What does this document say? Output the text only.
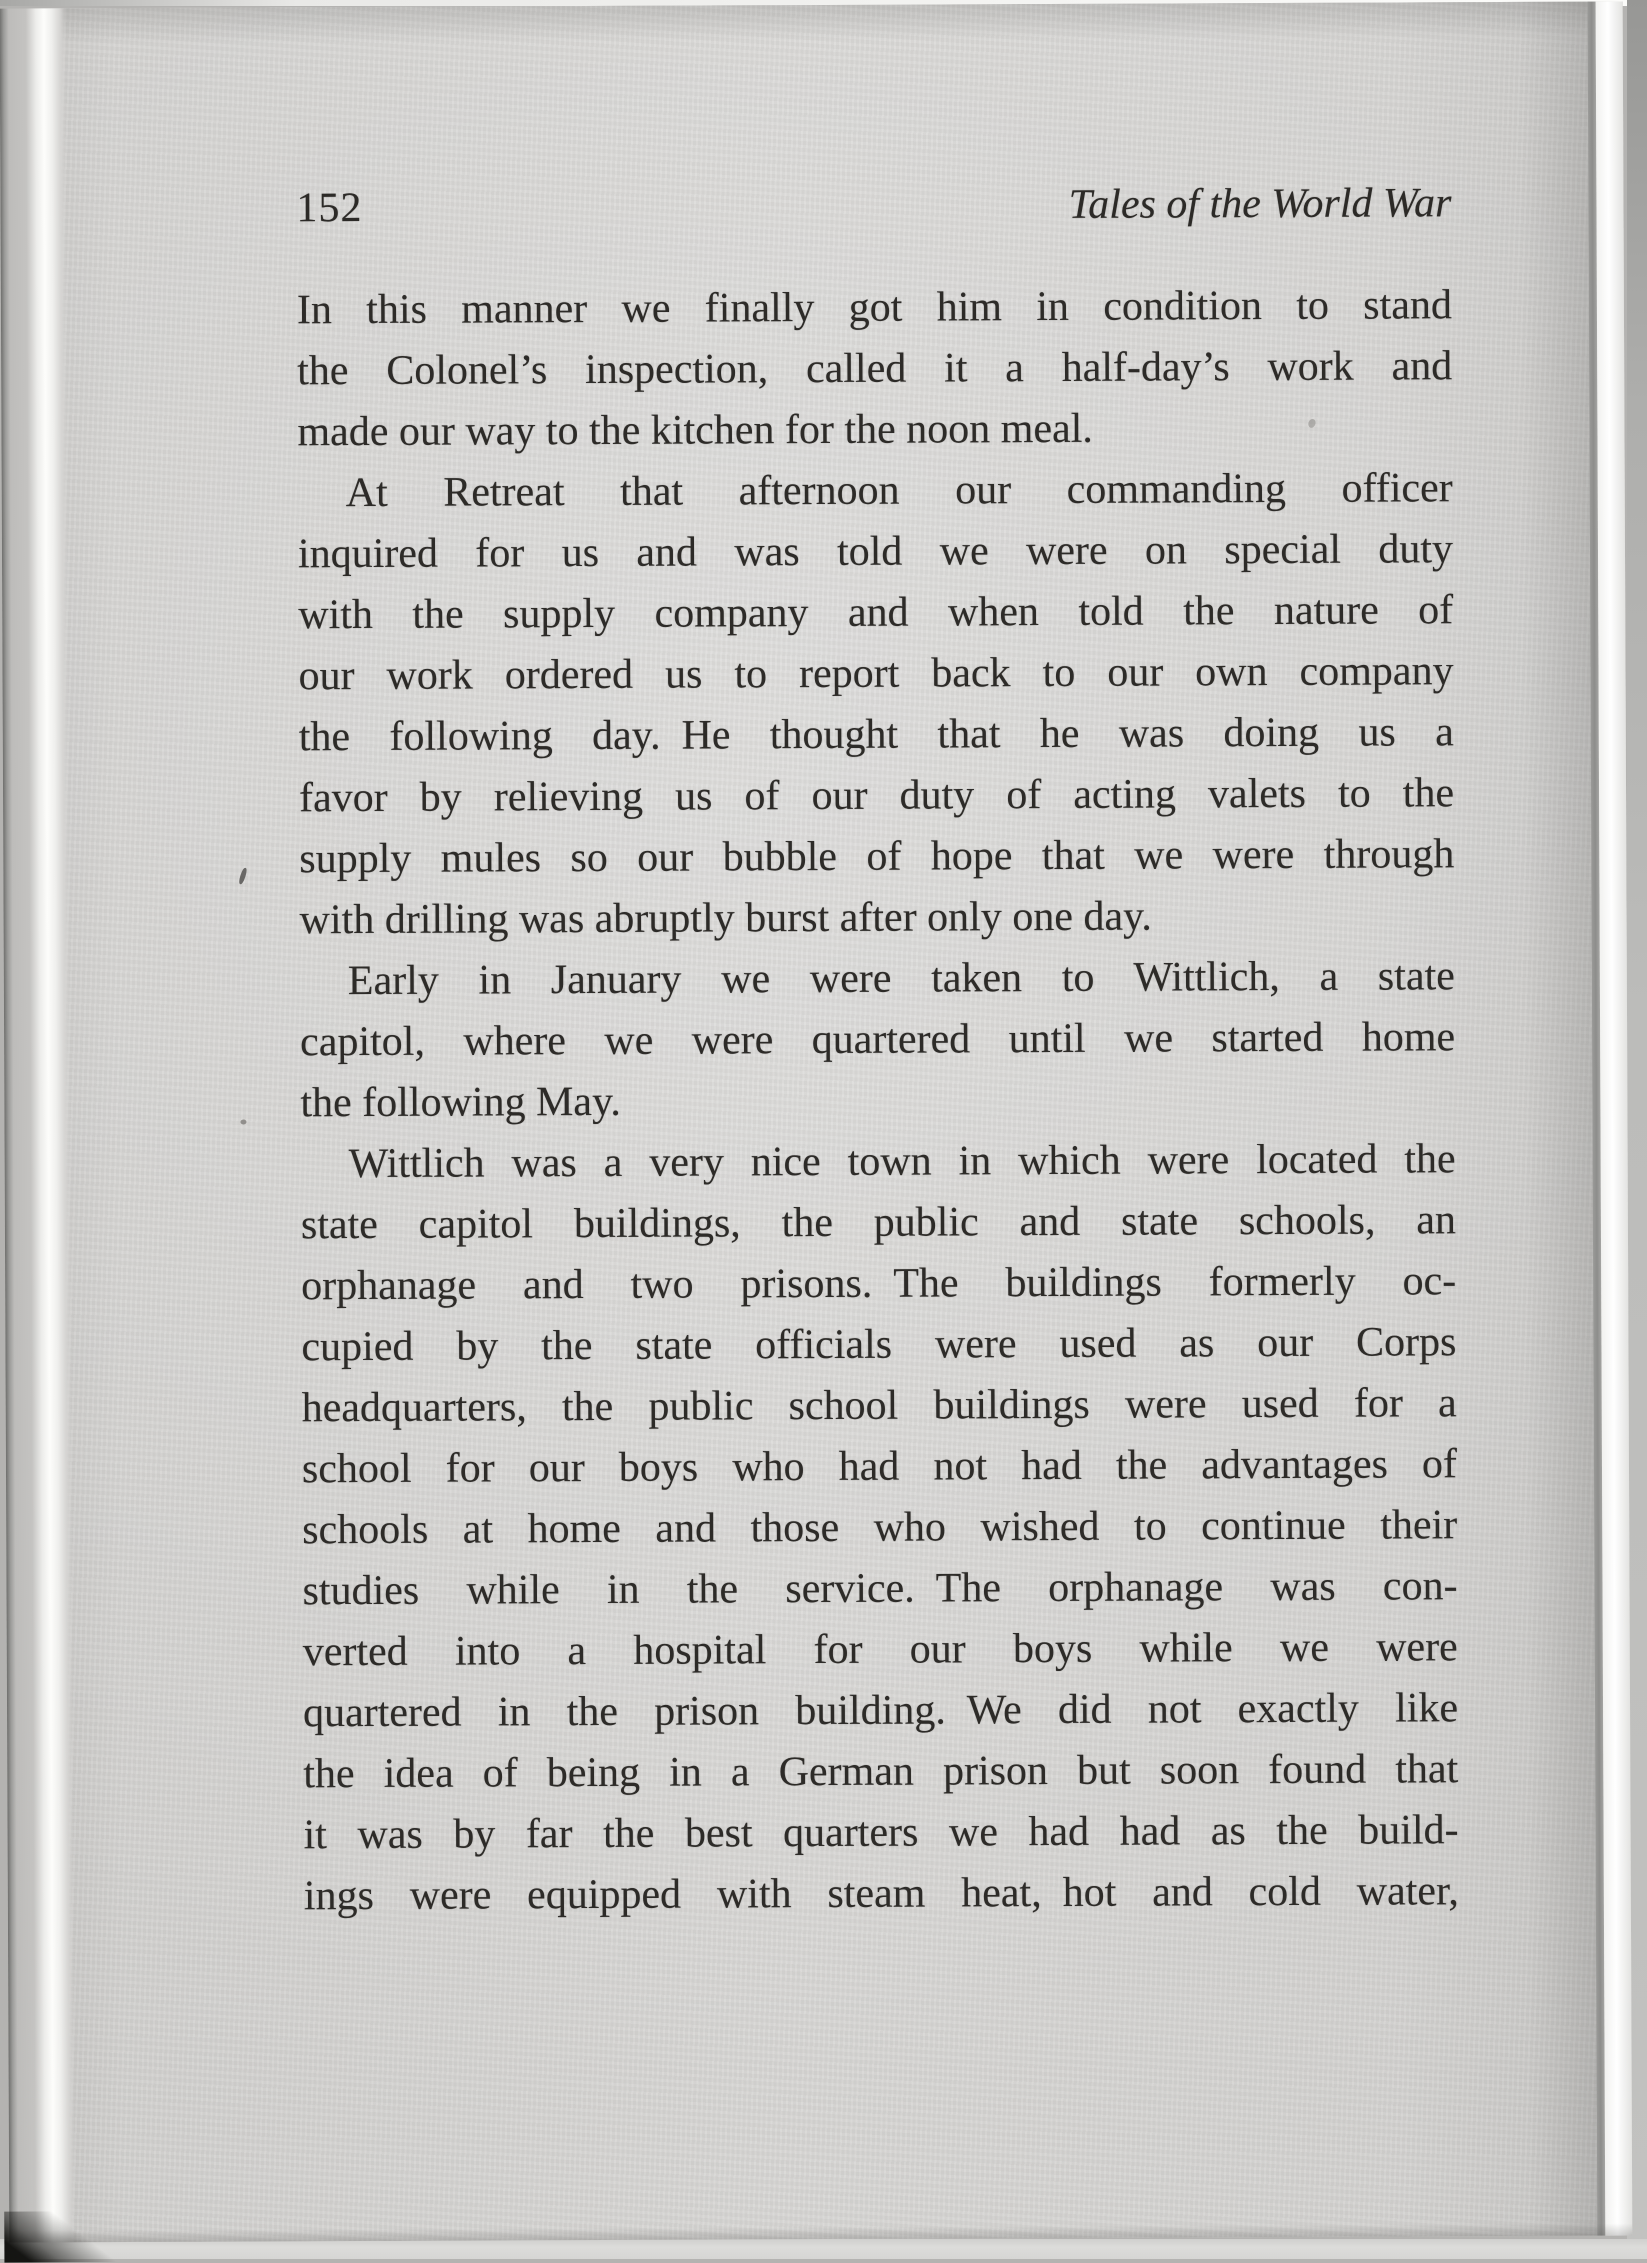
152	Tales of the World War
In this manner we finally got him in condition to stand
the Colonel’s inspection, called it a half-day’s work and
made our way to the kitchen for the noon meal.
At Retreat that afternoon our commanding officer
inquired for us and was told we were on special duty
with the supply company and when told the nature of
our work ordered us to report back to our own company
the following day. He thought that he was doing us a
favor by relieving us of our duty of acting valets to the
supply mules so our bubble of hope that we were through
with drilling was abruptly burst after only one day.
Early in January we were taken to Wittlich, a state
capitol, where we were quartered until we started home
the following May.
Wittlich was a very nice town in which were located the
state capitol buildings, the public and state schools, an
orphanage and two prisons. The buildings formerly oc-
cupied by the state officials were used as our Corps
headquarters, the public school buildings were used for a
school for our boys who had not had the advantages of
schools at home and those who wished to continue their
studies while in the service. The orphanage was con-
verted into a hospital for our boys while we were
quartered in the prison building. We did not exactly like
the idea of being in a German prison but soon found that
it was by far the best quarters we had had as the build-
ings were equipped with steam heat, hot and cold water,
